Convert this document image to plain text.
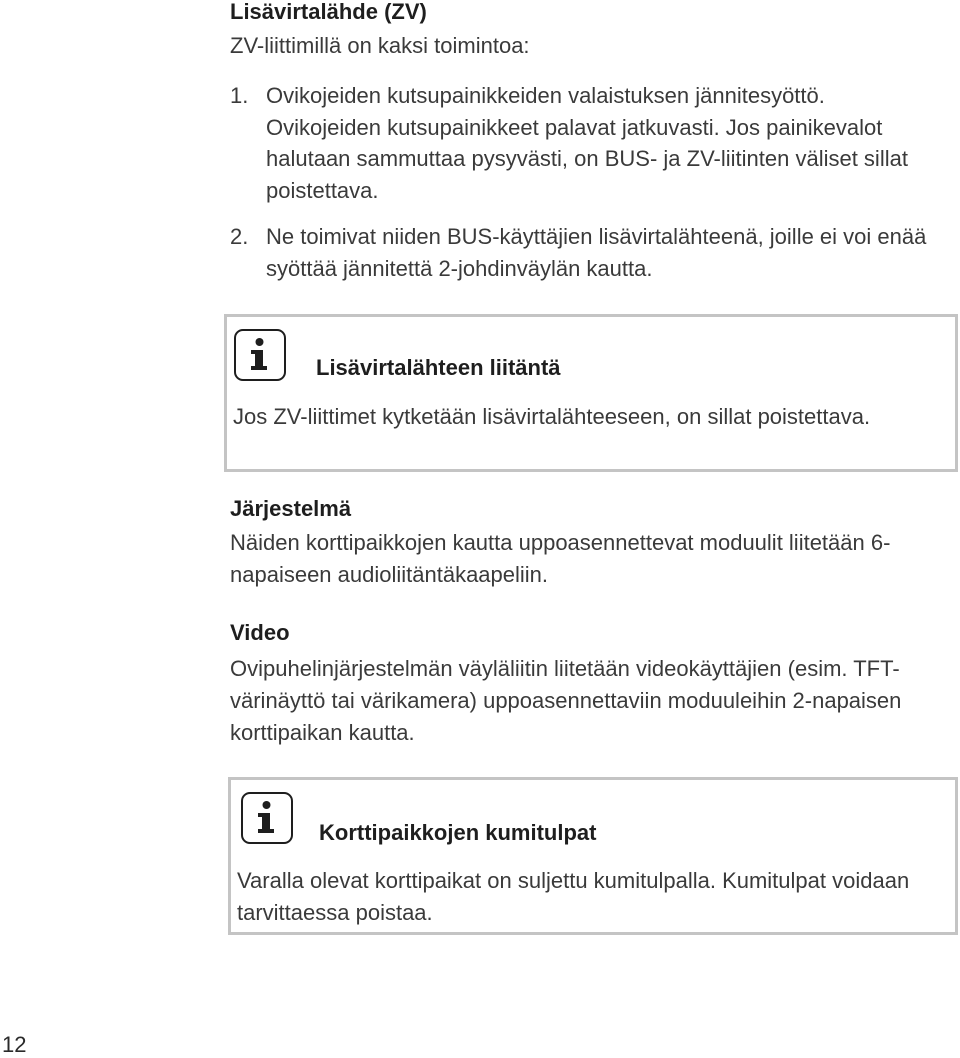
Lisävirtalähde (ZV)
ZV-liittimillä on kaksi toimintoa:
1. Ovikojeiden kutsupainikkeiden valaistuksen jännitesyöttö. Ovikojeiden kutsupainikkeet palavat jatkuvasti. Jos painikevalot halutaan sammuttaa pysyvästi, on BUS- ja ZV-liitinten väliset sillat poistettava.
2. Ne toimivat niiden BUS-käyttäjien lisävirtalähteenä, joille ei voi enää syöttää jännitettä 2-johdinväylän kautta.
Lisävirtalähteen liitäntä
Jos ZV-liittimet kytketään lisävirtalähteeseen, on sillat poistettava.
Järjestelmä
Näiden korttipaikkojen kautta uppoasennettevat moduulit liitetään 6-napaiseen audioliitäntäkaapeliin.
Video
Ovipuhelinjärjestelmän väyläliitin liitetään videokäyttäjien (esim. TFT-värinäyttö tai värikamera) uppoasennettaviin moduuleihin 2-napaisen korttipaikan kautta.
Korttipaikkojen kumitulpat
Varalla olevat korttipaikat on suljettu kumitulpalla. Kumitulpat voidaan tarvittaessa poistaa.
12
